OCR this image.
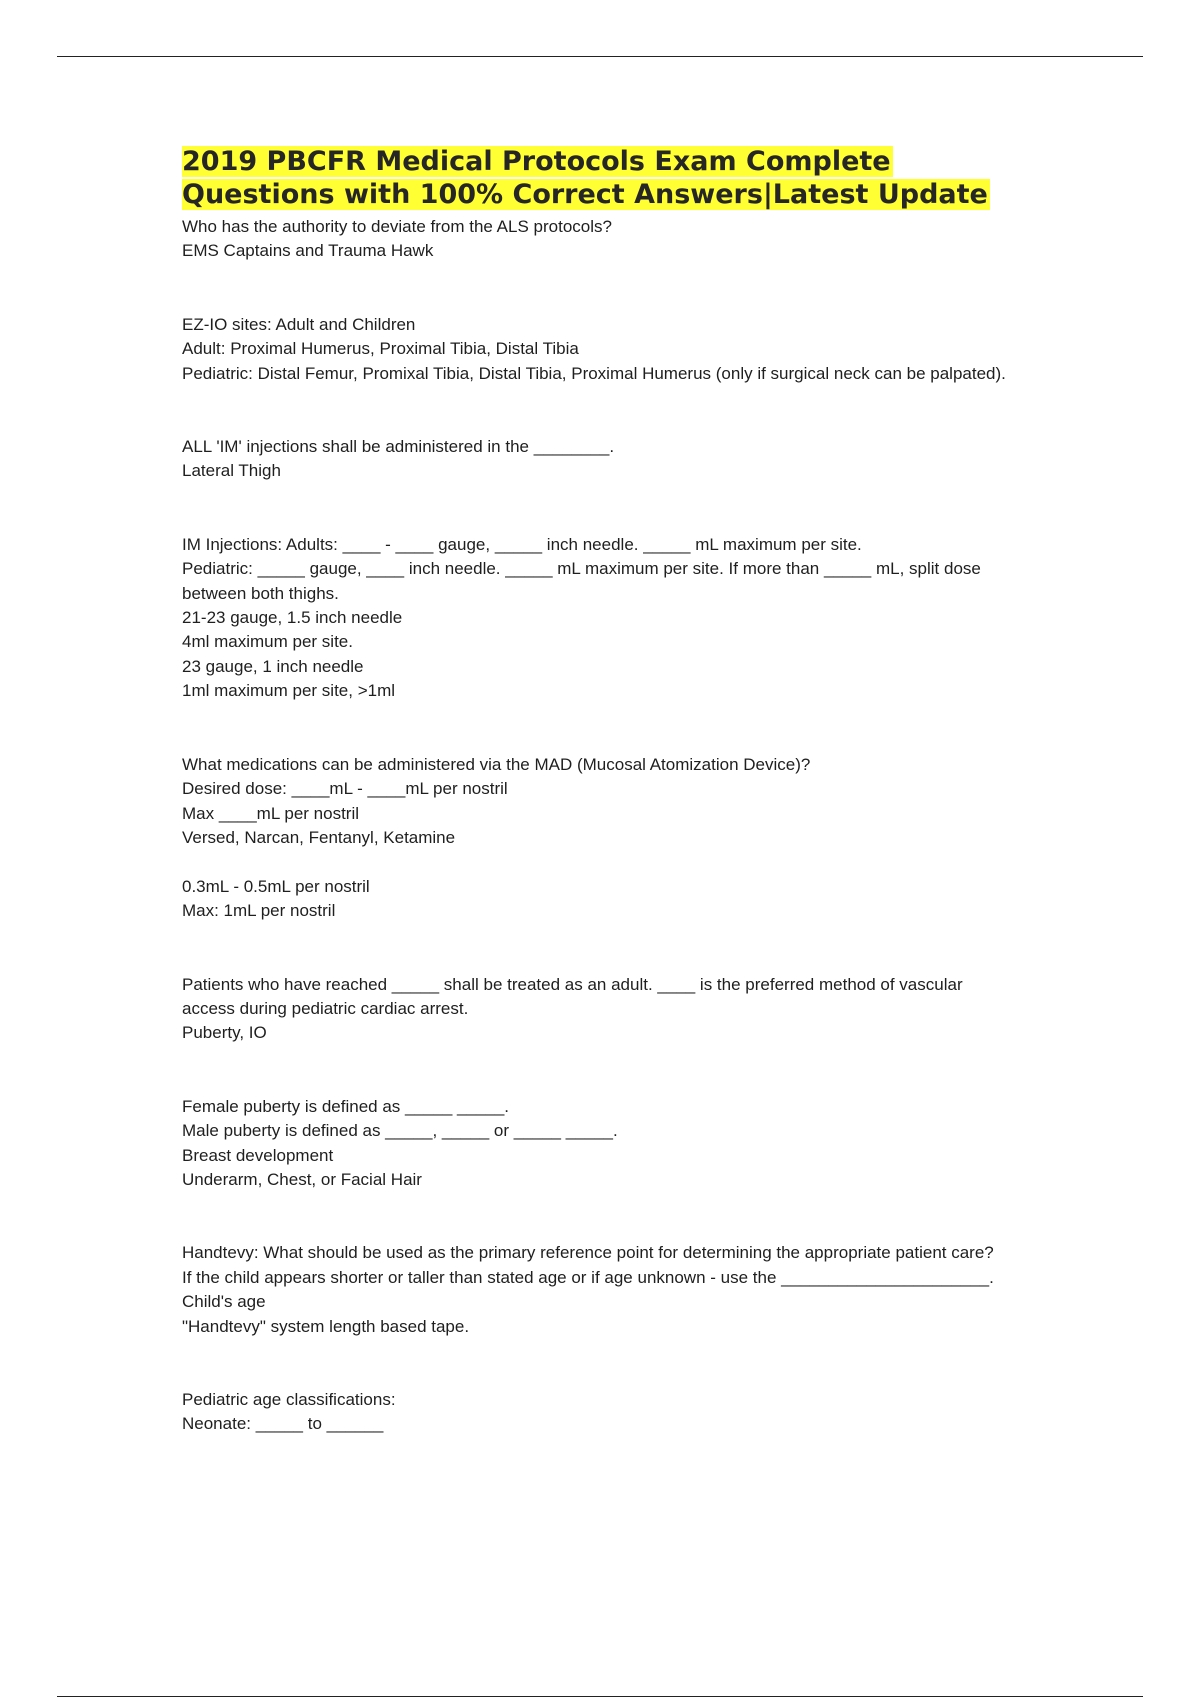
2019 PBCFR Medical Protocols Exam Complete Questions with 100% Correct Answers|Latest Update
Who has the authority to deviate from the ALS protocols?
EMS Captains and Trauma Hawk
EZ-IO sites: Adult and Children
Adult: Proximal Humerus, Proximal Tibia, Distal Tibia
Pediatric: Distal Femur, Promixal Tibia, Distal Tibia, Proximal Humerus (only if surgical neck can be palpated).
ALL 'IM' injections shall be administered in the ________.
Lateral Thigh
IM Injections: Adults: ____ - ____ gauge, _____ inch needle. _____ mL maximum per site.
Pediatric: _____ gauge, ____ inch needle. _____ mL maximum per site. If more than _____ mL, split dose between both thighs.
21-23 gauge, 1.5 inch needle
4ml maximum per site.
23 gauge, 1 inch needle
1ml maximum per site, >1ml
What medications can be administered via the MAD (Mucosal Atomization Device)?
Desired dose: ____mL - ____mL per nostril
Max ____mL per nostril
Versed, Narcan, Fentanyl, Ketamine
0.3mL - 0.5mL per nostril
Max: 1mL per nostril
Patients who have reached _____ shall be treated as an adult. ____ is the preferred method of vascular access during pediatric cardiac arrest.
Puberty, IO
Female puberty is defined as _____ _____.
Male puberty is defined as _____, _____ or _____ _____.
Breast development
Underarm, Chest, or Facial Hair
Handtevy: What should be used as the primary reference point for determining the appropriate patient care?
If the child appears shorter or taller than stated age or if age unknown - use the ______________________.
Child's age
"Handtevy" system length based tape.
Pediatric age classifications:
Neonate: _____ to ______
